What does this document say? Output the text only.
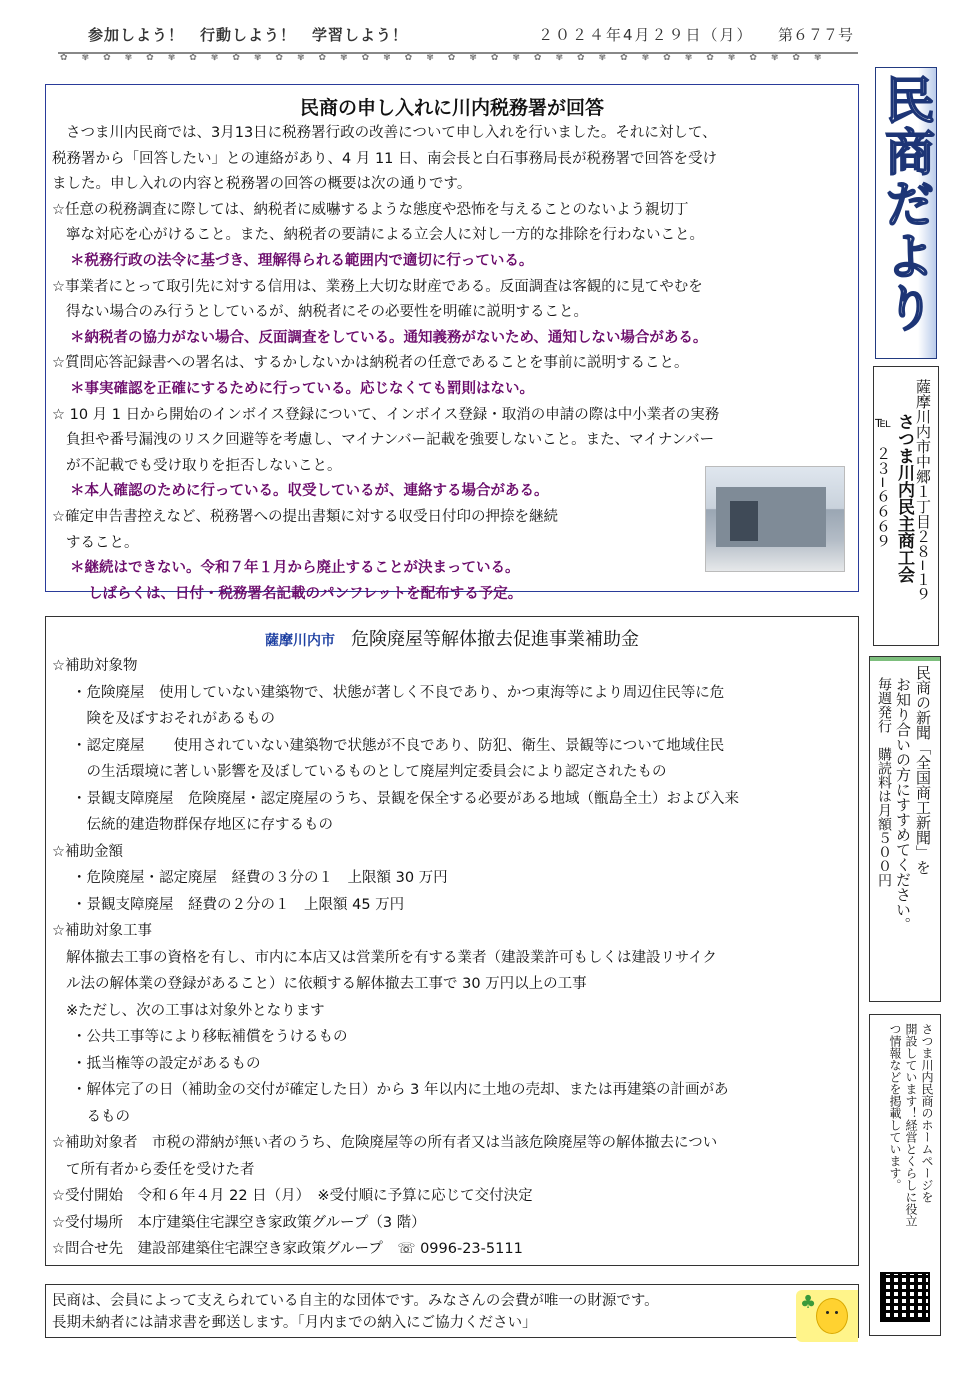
参加しよう！　行動しよう！　学習しよう！	２０２４年4月２９日（月） 第６７７号
✿✾✿✾✿✾✿✾✿✾✿✾✿✾✿✾✿✾✿✾✿✾✿✾✿✾✿✾✿✾✿✾✿✾✿✾
民商の申し入れに川内税務署が回答

さつま川内民商では、3月13日に税務署行政の改善について申し入れを行いました。それに対して、

税務署から「回答したい」との連絡があり、4 月 11 日、南会長と白石事務局長が税務署で回答を受け

ました。申し入れの内容と税務署の回答の概要は次の通りです。

☆任意の税務調査に際しては、納税者に威嚇するような態度や恐怖を与えることのないよう親切丁

寧な対応を心がけること。また、納税者の要請による立会人に対し一方的な排除を行わないこと。

＊税務行政の法令に基づき、理解得られる範囲内で適切に行っている。

☆事業者にとって取引先に対する信用は、業務上大切な財産である。反面調査は客観的に見てやむを

得ない場合のみ行うとしているが、納税者にその必要性を明確に説明すること。

＊納税者の協力がない場合、反面調査をしている。通知義務がないため、通知しない場合がある。

☆質問応答記録書への署名は、するかしないかは納税者の任意であることを事前に説明すること。

＊事実確認を正確にするために行っている。応じなくても罰則はない。

☆ 10 月 1 日から開始のインボイス登録について、インボイス登録・取消の申請の際は中小業者の実務

負担や番号漏洩のリスク回避等を考慮し、マイナンバー記載を強要しないこと。また、マイナンバー

が不記載でも受け取りを拒否しないこと。

＊本人確認のために行っている。収受しているが、連絡する場合がある。

☆確定申告書控えなど、税務署への提出書類に対する収受日付印の押捺を継続

すること。

＊継続はできない。令和７年１月から廃止することが決まっている。

しばらくは、日付・税務署名記載のパンフレットを配布する予定。

薩摩川内市 危険廃屋等解体撤去促進事業補助金

☆補助対象物

・危険廃屋　使用していない建築物で、状態が著しく不良であり、かつ東海等により周辺住民等に危

　険を及ぼすおそれがあるもの

・認定廃屋　　使用されていない建築物で状態が不良であり、防犯、衛生、景観等について地域住民

　の生活環境に著しい影響を及ぼしているものとして廃屋判定委員会により認定されたもの

・景観支障廃屋　危険廃屋・認定廃屋のうち、景観を保全する必要がある地域（甑島全土）および入来

　伝統的建造物群保存地区に存するもの

☆補助金額

・危険廃屋・認定廃屋　経費の３分の１　上限額 30 万円

・景観支障廃屋　経費の２分の１　上限額 45 万円

☆補助対象工事

解体撤去工事の資格を有し、市内に本店又は営業所を有する業者（建設業許可もしくは建設リサイク

ル法の解体業の登録があること）に依頼する解体撤去工事で 30 万円以上の工事

※ただし、次の工事は対象外となります

・公共工事等により移転補償をうけるもの

・抵当権等の設定があるもの

・解体完了の日（補助金の交付が確定した日）から 3 年以内に土地の売却、または再建築の計画があ

　るもの

☆補助対象者　市税の滞納が無い者のうち、危険廃屋等の所有者又は当該危険廃屋等の解体撤去につい

て所有者から委任を受けた者

☆受付開始　令和６年４月 22 日（月）　※受付順に予算に応じて交付決定

☆受付場所　本庁建築住宅課空き家政策グループ（3 階）

☆問合せ先　建設部建築住宅課空き家政策グループ　☏ 0996-23-5111

民商は、会員によって支えられている自主的な団体です。みなさんの会費が唯一の財源です。
長期未納者には請求書を郵送します。「月内までの納入にご協力ください」
♣
民商だより
薩摩川内市中郷１丁目２８−１９
さつま川内民主商工会
℡　２３−６６６９
民商の新聞「全国商工新聞」を
お知り合いの方にすすめてください。
毎週発行　購読料は月額５００円
さつま川内民商のホームページを
開設しています！経営とくらしに役立
つ情報などを掲載しています。
